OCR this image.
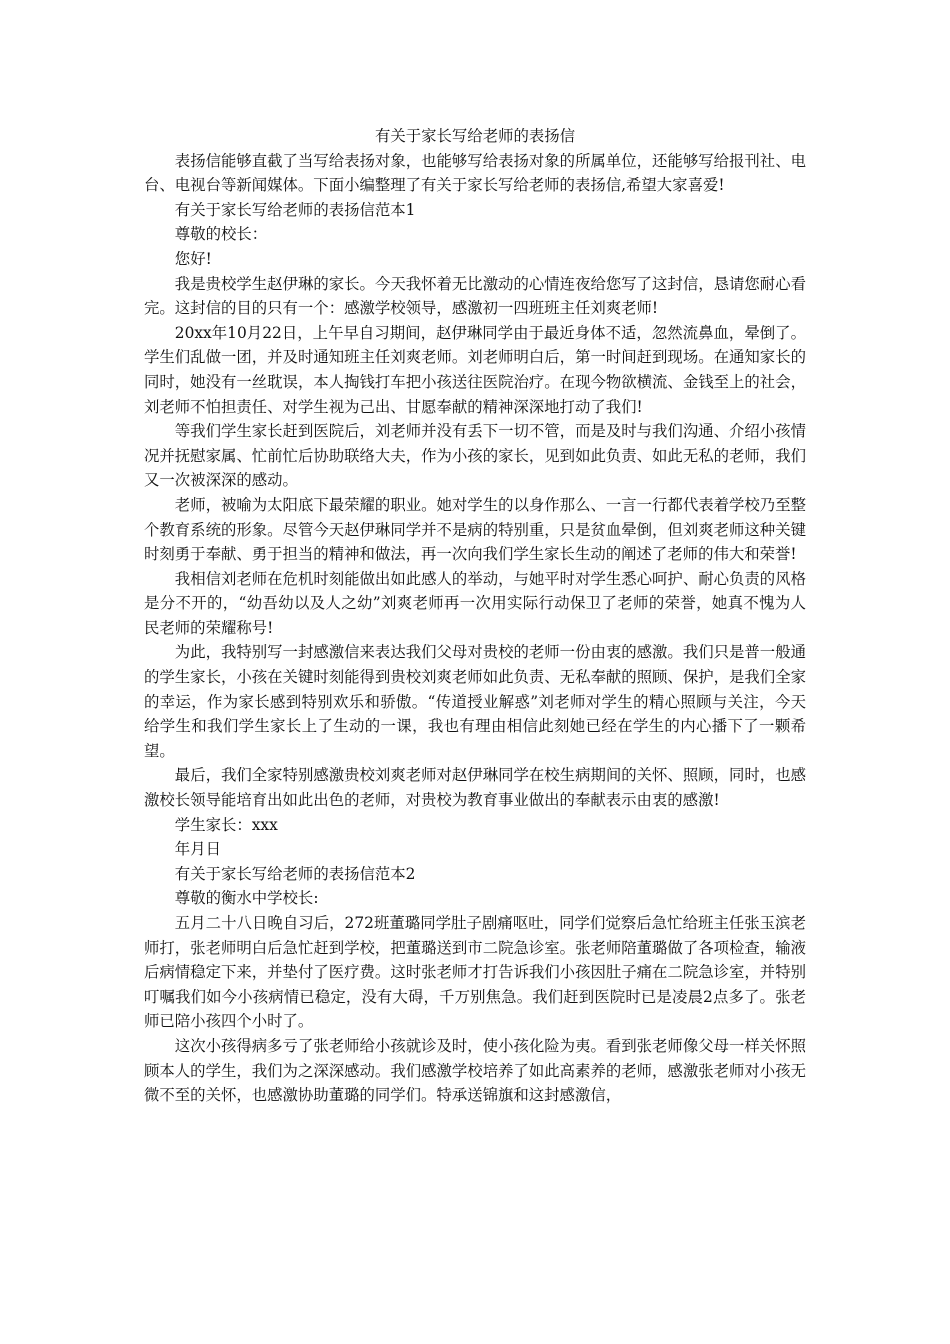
有关于家长写给老师的表扬信

表扬信能够直截了当写给表扬对象，也能够写给表扬对象的所属单位，还能够写给报刊社、电台、电视台等新闻媒体。下面小编整理了有关于家长写给老师的表扬信,希望大家喜爱!

有关于家长写给老师的表扬信范本1

尊敬的校长：

您好!

我是贵校学生赵伊琳的家长。今天我怀着无比激动的心情连夜给您写了这封信，恳请您耐心看完。这封信的目的只有一个：感激学校领导，感激初一四班班主任刘爽老师!

20xx年10月22日，上午早自习期间，赵伊琳同学由于最近身体不适，忽然流鼻血，晕倒了。学生们乱做一团，并及时通知班主任刘爽老师。刘老师明白后，第一时间赶到现场。在通知家长的同时，她没有一丝耽误，本人掏钱打车把小孩送往医院治疗。在现今物欲横流、金钱至上的社会，刘老师不怕担责任、对学生视为己出、甘愿奉献的精神深深地打动了我们!

等我们学生家长赶到医院后，刘老师并没有丢下一切不管，而是及时与我们沟通、介绍小孩情况并抚慰家属、忙前忙后协助联络大夫，作为小孩的家长，见到如此负责、如此无私的老师，我们又一次被深深的感动。

老师，被喻为太阳底下最荣耀的职业。她对学生的以身作那么、一言一行都代表着学校乃至整个教育系统的形象。尽管今天赵伊琳同学并不是病的特别重，只是贫血晕倒，但刘爽老师这种关键时刻勇于奉献、勇于担当的精神和做法，再一次向我们学生家长生动的阐述了老师的伟大和荣誉!

我相信刘老师在危机时刻能做出如此感人的举动，与她平时对学生悉心呵护、耐心负责的风格是分不开的，“幼吾幼以及人之幼”刘爽老师再一次用实际行动保卫了老师的荣誉，她真不愧为人民老师的荣耀称号!

为此，我特别写一封感激信来表达我们父母对贵校的老师一份由衷的感激。我们只是普一般通的学生家长，小孩在关键时刻能得到贵校刘爽老师如此负责、无私奉献的照顾、保护，是我们全家的幸运，作为家长感到特别欢乐和骄傲。“传道授业解惑”刘老师对学生的精心照顾与关注，今天给学生和我们学生家长上了生动的一课，我也有理由相信此刻她已经在学生的内心播下了一颗希望。

最后，我们全家特别感激贵校刘爽老师对赵伊琳同学在校生病期间的关怀、照顾，同时，也感激校长领导能培育出如此出色的老师，对贵校为教育事业做出的奉献表示由衷的感激!

学生家长：xxx

年月日

有关于家长写给老师的表扬信范本2

尊敬的衡水中学校长:

五月二十八日晚自习后，272班董璐同学肚子剧痛呕吐，同学们觉察后急忙给班主任张玉滨老师打，张老师明白后急忙赶到学校，把董璐送到市二院急诊室。张老师陪董璐做了各项检查，输液后病情稳定下来，并垫付了医疗费。这时张老师才打告诉我们小孩因肚子痛在二院急诊室，并特别叮嘱我们如今小孩病情已稳定，没有大碍，千万别焦急。我们赶到医院时已是凌晨2点多了。张老师已陪小孩四个小时了。

这次小孩得病多亏了张老师给小孩就诊及时，使小孩化险为夷。看到张老师像父母一样关怀照顾本人的学生，我们为之深深感动。我们感激学校培养了如此高素养的老师，感激张老师对小孩无微不至的关怀，也感激协助董璐的同学们。特承送锦旗和这封感激信，
